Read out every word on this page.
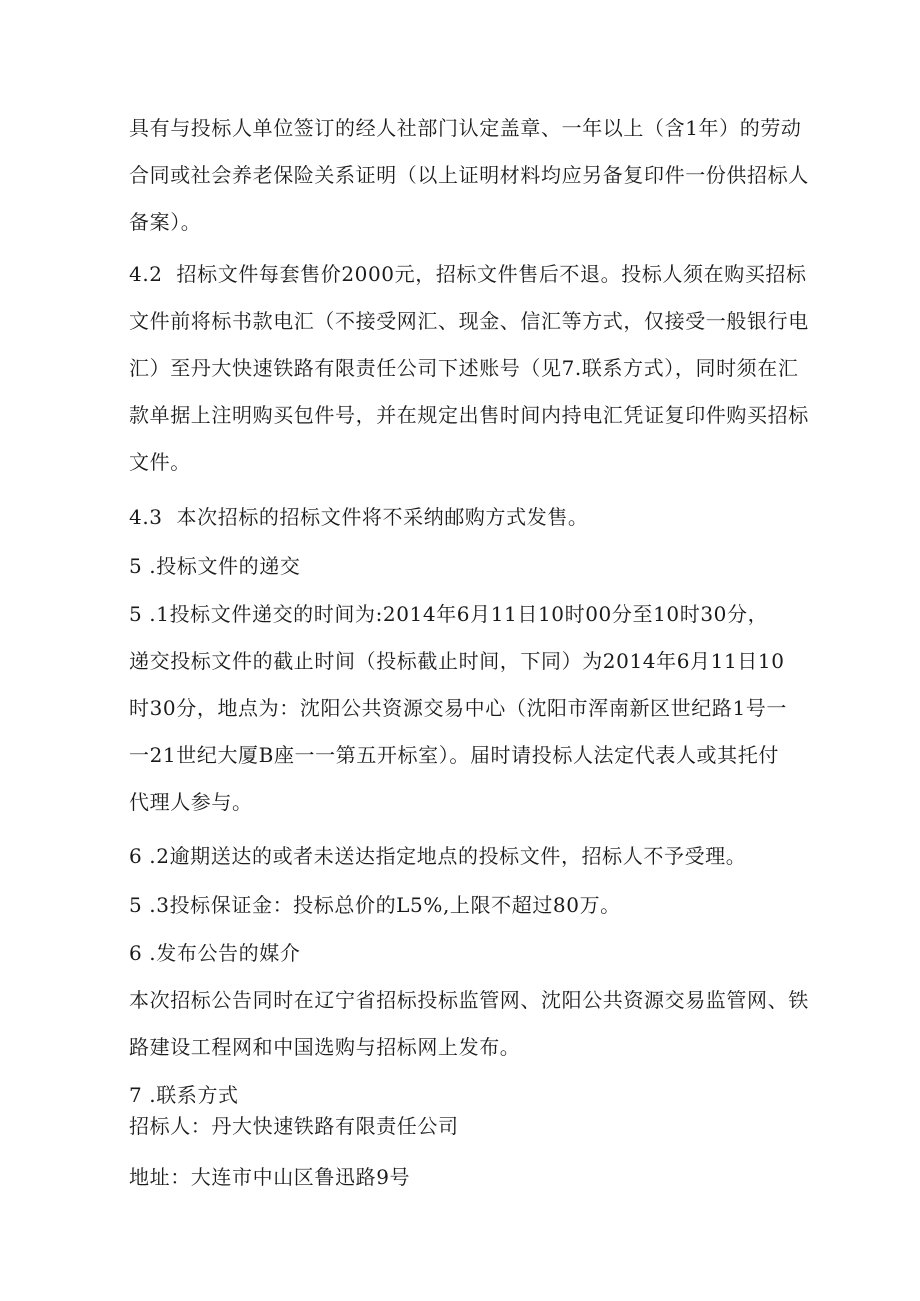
具有与投标人单位签订的经人社部门认定盖章、一年以上（含1年）的劳动
合同或社会养老保险关系证明（以上证明材料均应另备复印件一份供招标人
备案）。
4.2  招标文件每套售价2000元，招标文件售后不退。投标人须在购买招标
文件前将标书款电汇（不接受网汇、现金、信汇等方式，仅接受一般银行电
汇）至丹大快速铁路有限责任公司下述账号（见7.联系方式），同时须在汇
款单据上注明购买包件号，并在规定出售时间内持电汇凭证复印件购买招标
文件。
4.3  本次招标的招标文件将不采纳邮购方式发售。
5 .投标文件的递交
5 .1投标文件递交的时间为:2014年6月11日10时00分至10时30分，
递交投标文件的截止时间（投标截止时间，下同）为2014年6月11日10
时30分，地点为：沈阳公共资源交易中心（沈阳市浑南新区世纪路1号一
一21世纪大厦B座一一第五开标室）。届时请投标人法定代表人或其托付
代理人参与。
6 .2逾期送达的或者未送达指定地点的投标文件，招标人不予受理。
5 .3投标保证金：投标总价的L5%,上限不超过80万。
6 .发布公告的媒介
本次招标公告同时在辽宁省招标投标监管网、沈阳公共资源交易监管网、铁
路建设工程网和中国选购与招标网上发布。
7 .联系方式
招标人：丹大快速铁路有限责任公司
地址：大连市中山区鲁迅路9号
